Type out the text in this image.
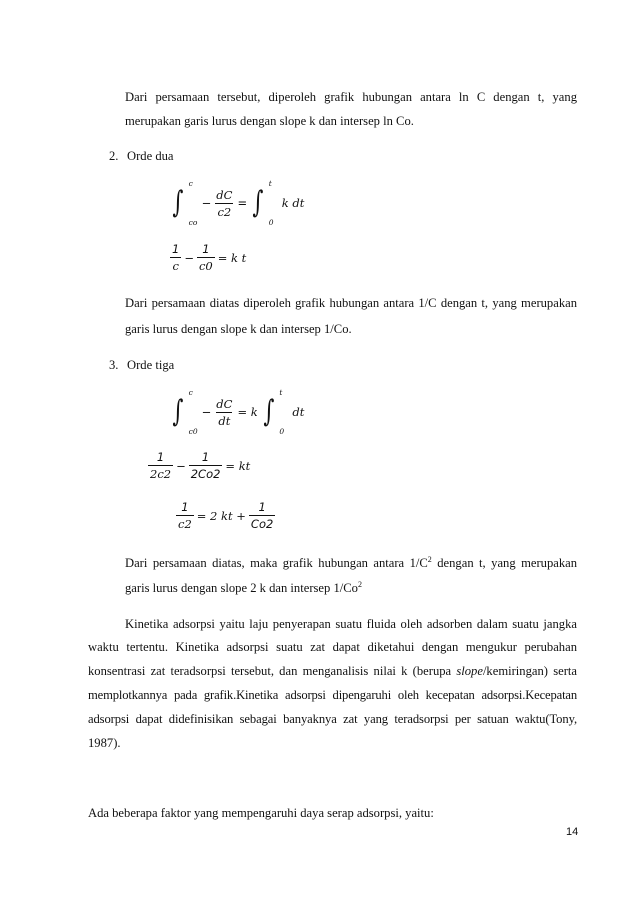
Dari persamaan tersebut, diperoleh grafik hubungan antara ln C dengan t, yang
merupakan garis lurus dengan slope k dan intersep ln Co.
2. Orde dua
∫
c
co
− $\frac{dC}{c2}$ = ∫
t
0
k dt
$\frac{1}{c} - \frac{1}{c0} = k$ t
Dari persamaan diatas diperoleh grafik hubungan antara 1/C dengan t, yang merupakan
garis lurus dengan slope k dan intersep 1/Co.
3. Orde tiga
∫
c
c0
− $\frac{dC}{dt} = k$ ∫
t
0
dt
$\frac{1}{2c2} - \frac{1}{2Co2}$ = kt
$\frac{1}{c2} = 2$ kt + $\frac{1}{Co2}$
Dari persamaan diatas, maka grafik hubungan antara $1/C^2$ dengan t, yang merupakan
garis lurus dengan slope 2 k dan intersep 1/Co$^2$
Kinetika adsorpsi yaitu laju penyerapan suatu fluida oleh adsorben dalam suatu jangka
waktu tertentu. Kinetika adsorpsi suatu zat dapat diketahui dengan mengukur perubahan
konsentrasi zat teradsorpsi tersebut, dan menganalisis nilai k (berupa slope/kemiringan) serta
memplotkannya pada grafik.Kinetika adsorpsi dipengaruhi oleh kecepatan adsorpsi.Kecepatan
adsorpsi dapat didefinisikan sebagai banyaknya zat yang teradsorpsi per satuan waktu(Tony,
1987).
Ada beberapa faktor yang mempengaruhi daya serap adsorpsi, yaitu:
14
